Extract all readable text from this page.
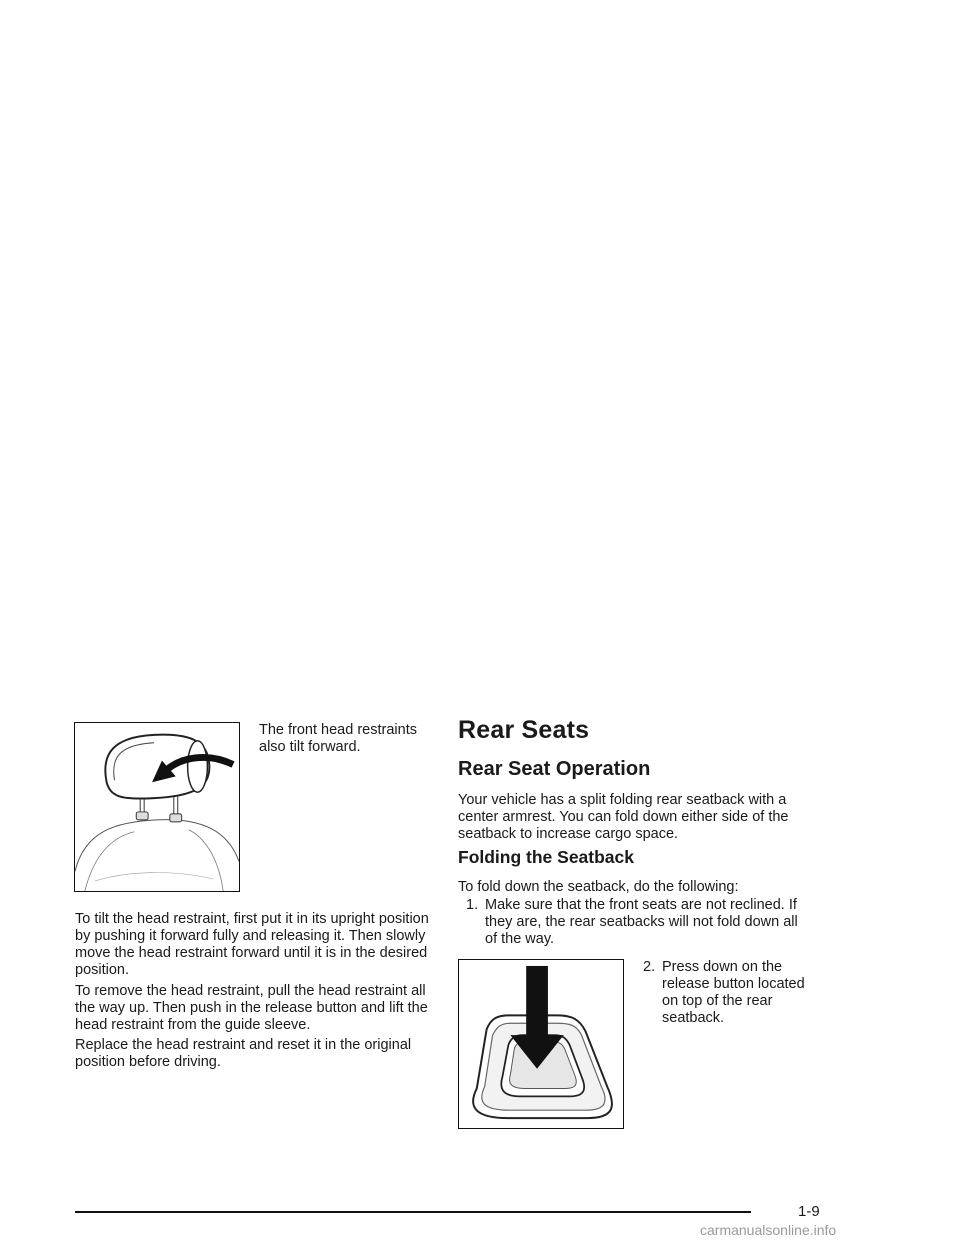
The front head restraints also tilt forward.

To tilt the head restraint, first put it in its upright position by pushing it forward fully and releasing it. Then slowly move the head restraint forward until it is in the desired position.

To remove the head restraint, pull the head restraint all the way up. Then push in the release button and lift the head restraint from the guide sleeve.

Replace the head restraint and reset it in the original position before driving.

Rear Seats
Rear Seat Operation

Your vehicle has a split folding rear seatback with a center armrest. You can fold down either side of the seatback to increase cargo space.

Folding the Seatback

To fold down the seatback, do the following:

1. Make sure that the front seats are not reclined. If they are, the rear seatbacks will not fold down all of the way.
2. Press down on the release button located on top of the rear seatback.
1-9
carmanualsonline.info
